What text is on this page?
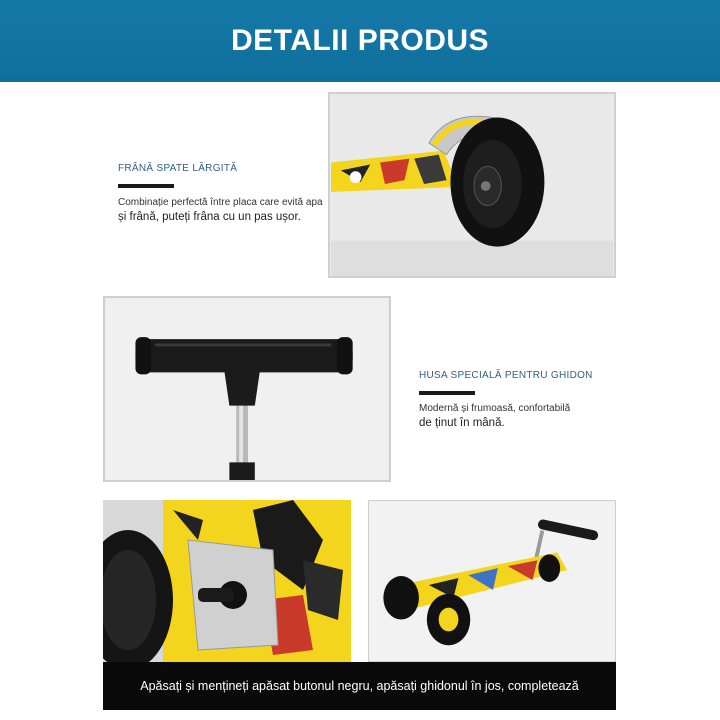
DETALII PRODUS
FRÂNĂ SPATE LĂRGITĂ
Combinație perfectă între placa care evită apa
și frână, puteți frâna cu un pas ușor.
HUSA SPECIALĂ PENTRU GHIDON
Modernă și frumoasă, confortabilă
de ținut în mână.
Apăsați și mențineți apăsat butonul negru, apăsați ghidonul în jos, completează
